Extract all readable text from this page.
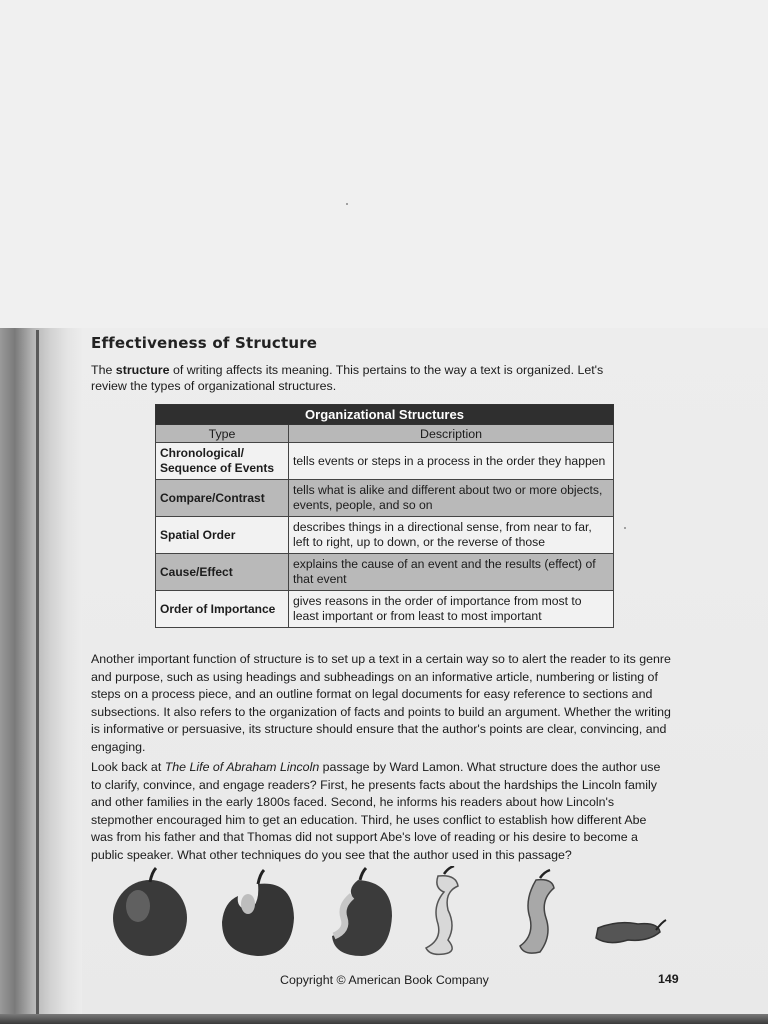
Effectiveness of Structure

The structure of writing affects its meaning. This pertains to the way a text is organized. Let's review the types of organizational structures.

Organizational Structures	
Type	Description
Chronological/ Sequence of Events	tells events or steps in a process in the order they happen
Compare/Contrast	tells what is alike and different about two or more objects, events, people, and so on
Spatial Order	describes things in a directional sense, from near to far, left to right, up to down, or the reverse of those
Cause/Effect	explains the cause of an event and the results (effect) of that event
Order of Importance	gives reasons in the order of importance from most to least important or from least to most important

Another important function of structure is to set up a text in a certain way so to alert the reader to its genre and purpose, such as using headings and subheadings on an informative article, numbering or listing of steps on a process piece, and an outline format on legal documents for easy reference to sections and subsections. It also refers to the organization of facts and points to build an argument. Whether the writing is informative or persuasive, its structure should ensure that the author's points are clear, convincing, and engaging.

Look back at The Life of Abraham Lincoln passage by Ward Lamon. What structure does the author use to clarify, convince, and engage readers? First, he presents facts about the hardships the Lincoln family and other families in the early 1800s faced. Second, he informs his readers about how Lincoln's stepmother encouraged him to get an education. Third, he uses conflict to establish how different Abe was from his father and that Thomas did not support Abe's love of reading or his desire to become a public speaker. What other techniques do you see that the author used in this passage?

Copyright © American Book Company	149
